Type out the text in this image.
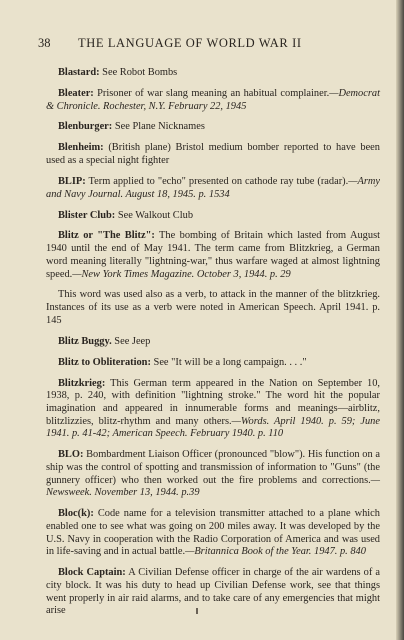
38 THE LANGUAGE OF WORLD WAR II

Blastard: See Robot Bombs

Bleater: Prisoner of war slang meaning an habitual complainer.—Democrat & Chronicle. Rochester, N.Y. February 22, 1945

Blenburger: See Plane Nicknames

Blenheim: (British plane) Bristol medium bomber reported to have been used as a special night fighter

BLIP: Term applied to "echo" presented on cathode ray tube (radar).—Army and Navy Journal. August 18, 1945. p. 1534

Blister Club: See Walkout Club

Blitz or "The Blitz": The bombing of Britain which lasted from August 1940 until the end of May 1941. The term came from Blitzkrieg, a German word meaning literally "lightning-war," thus warfare waged at almost lightning speed.—New York Times Magazine. October 3, 1944. p. 29

This word was used also as a verb, to attack in the manner of the blitzkrieg. Instances of its use as a verb were noted in American Speech. April 1941. p. 145

Blitz Buggy. See Jeep

Blitz to Obliteration: See "It will be a long campaign. . . ."

Blitzkrieg: This German term appeared in the Nation on September 10, 1938, p. 240, with definition "lightning stroke." The word hit the popular imagination and appeared in innumerable forms and meanings—airblitz, blitzlizzies, blitz-rhythm and many others.—Words. April 1940. p. 59; June 1941. p. 41-42; American Speech. February 1940. p. 110

BLO: Bombardment Liaison Officer (pronounced "blow"). His function on a ship was the control of spotting and transmission of information to "Guns" (the gunnery officer) who then worked out the fire problems and corrections.—Newsweek. November 13, 1944. p.39

Bloc(k): Code name for a television transmitter attached to a plane which enabled one to see what was going on 200 miles away. It was developed by the U.S. Navy in cooperation with the Radio Corporation of America and was used in life-saving and in actual battle.—Britannica Book of the Year. 1947. p. 840

Block Captain: A Civilian Defense officer in charge of the air wardens of a city block. It was his duty to head up Civilian Defense work, see that things went properly in air raid alarms, and to take care of any emergencies that might arise
